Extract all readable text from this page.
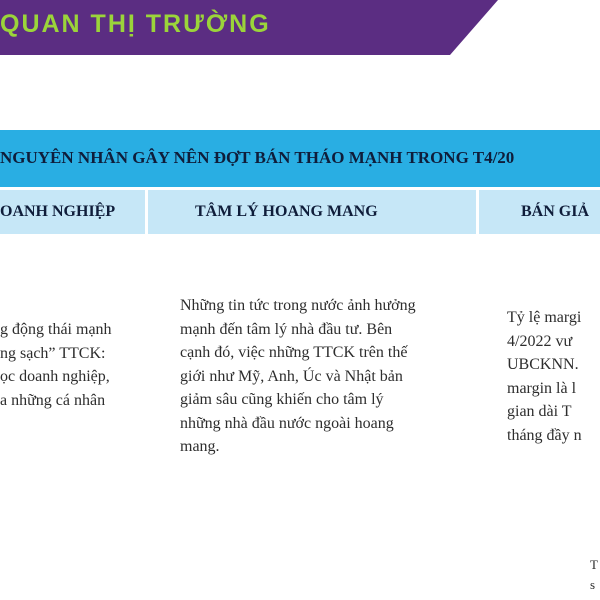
QUAN THỊ TRƯỜNG
NGUYÊN NHÂN GÂY NÊN ĐỢT BÁN THÁO MẠNH TRONG T4/20
OANH NGHIỆP	TÂM LÝ HOANG MANG	BÁN GIẢ
g động thái mạnh
ng sạch” TTCK:
ọc doanh nghiệp,
a những cá nhân
Những tin tức trong nước ảnh hưởng
mạnh đến tâm lý nhà đầu tư. Bên
cạnh đó, việc những TTCK trên thế
giới như Mỹ, Anh, Úc và Nhật bản
giảm sâu cũng khiến cho tâm lý
những nhà đầu nước ngoài hoang
mang.
Tỷ lệ margi
4/2022 vư
UBCKNN.
margin là l
gian dài T
tháng đầy n
T
s
